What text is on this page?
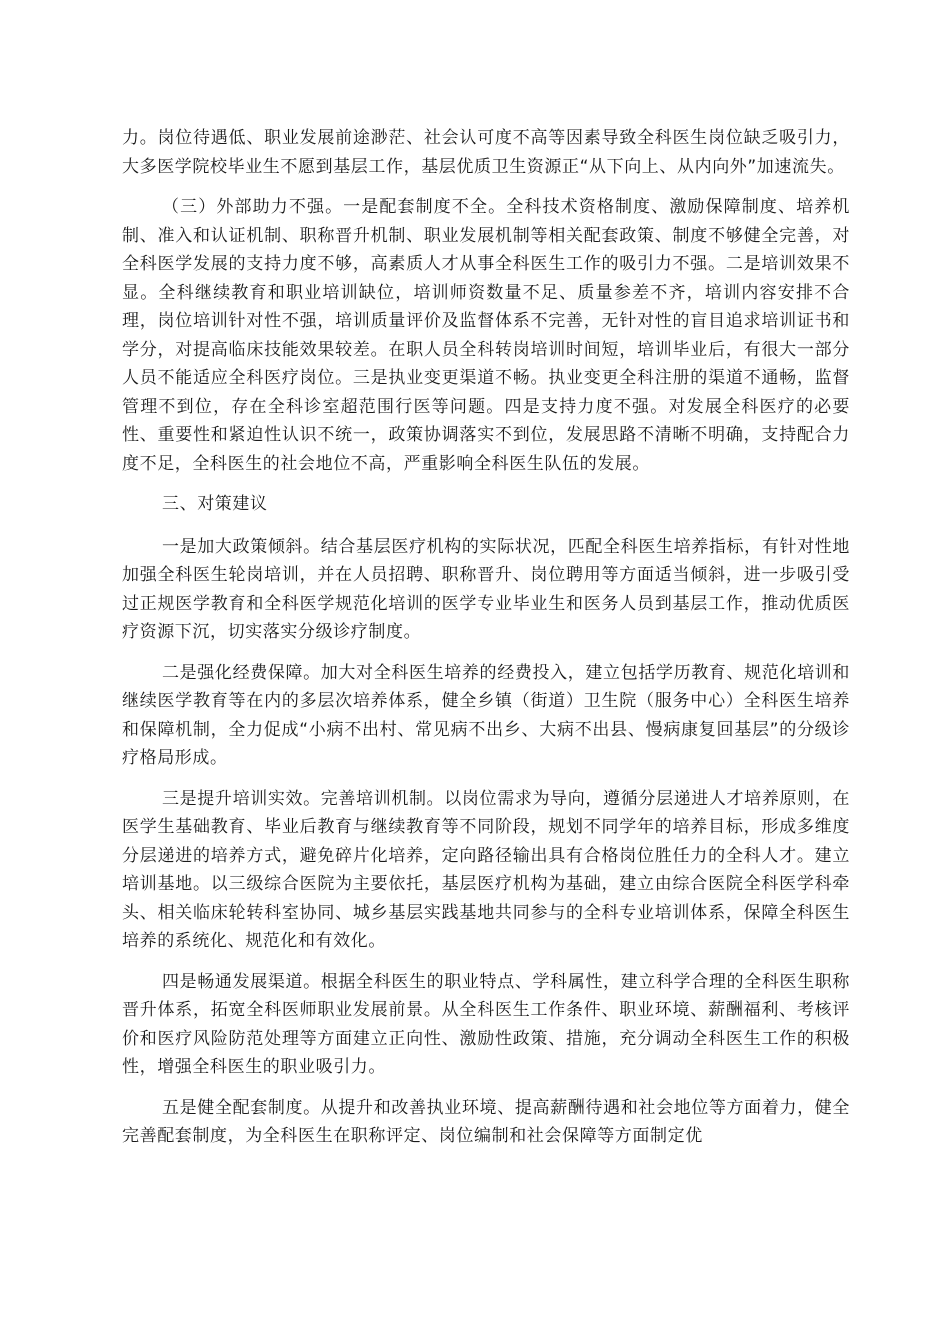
力。岗位待遇低、职业发展前途渺茫、社会认可度不高等因素导致全科医生岗位缺乏吸引力，大多医学院校毕业生不愿到基层工作，基层优质卫生资源正“从下向上、从内向外”加速流失。

（三）外部助力不强。一是配套制度不全。全科技术资格制度、激励保障制度、培养机制、准入和认证机制、职称晋升机制、职业发展机制等相关配套政策、制度不够健全完善，对全科医学发展的支持力度不够，高素质人才从事全科医生工作的吸引力不强。二是培训效果不显。全科继续教育和职业培训缺位，培训师资数量不足、质量参差不齐，培训内容安排不合理，岗位培训针对性不强，培训质量评价及监督体系不完善，无针对性的盲目追求培训证书和学分，对提高临床技能效果较差。在职人员全科转岗培训时间短，培训毕业后，有很大一部分人员不能适应全科医疗岗位。三是执业变更渠道不畅。执业变更全科注册的渠道不通畅，监督管理不到位，存在全科诊室超范围行医等问题。四是支持力度不强。对发展全科医疗的必要性、重要性和紧迫性认识不统一，政策协调落实不到位，发展思路不清晰不明确，支持配合力度不足，全科医生的社会地位不高，严重影响全科医生队伍的发展。

三、对策建议

一是加大政策倾斜。结合基层医疗机构的实际状况，匹配全科医生培养指标，有针对性地加强全科医生轮岗培训，并在人员招聘、职称晋升、岗位聘用等方面适当倾斜，进一步吸引受过正规医学教育和全科医学规范化培训的医学专业毕业生和医务人员到基层工作，推动优质医疗资源下沉，切实落实分级诊疗制度。

二是强化经费保障。加大对全科医生培养的经费投入，建立包括学历教育、规范化培训和继续医学教育等在内的多层次培养体系，健全乡镇（街道）卫生院（服务中心）全科医生培养和保障机制，全力促成“小病不出村、常见病不出乡、大病不出县、慢病康复回基层”的分级诊疗格局形成。

三是提升培训实效。完善培训机制。以岗位需求为导向，遵循分层递进人才培养原则，在医学生基础教育、毕业后教育与继续教育等不同阶段，规划不同学年的培养目标，形成多维度分层递进的培养方式，避免碎片化培养，定向路径输出具有合格岗位胜任力的全科人才。建立培训基地。以三级综合医院为主要依托，基层医疗机构为基础，建立由综合医院全科医学科牵头、相关临床轮转科室协同、城乡基层实践基地共同参与的全科专业培训体系，保障全科医生培养的系统化、规范化和有效化。

四是畅通发展渠道。根据全科医生的职业特点、学科属性，建立科学合理的全科医生职称晋升体系，拓宽全科医师职业发展前景。从全科医生工作条件、职业环境、薪酬福利、考核评价和医疗风险防范处理等方面建立正向性、激励性政策、措施，充分调动全科医生工作的积极性，增强全科医生的职业吸引力。

五是健全配套制度。从提升和改善执业环境、提高薪酬待遇和社会地位等方面着力，健全完善配套制度，为全科医生在职称评定、岗位编制和社会保障等方面制定优
